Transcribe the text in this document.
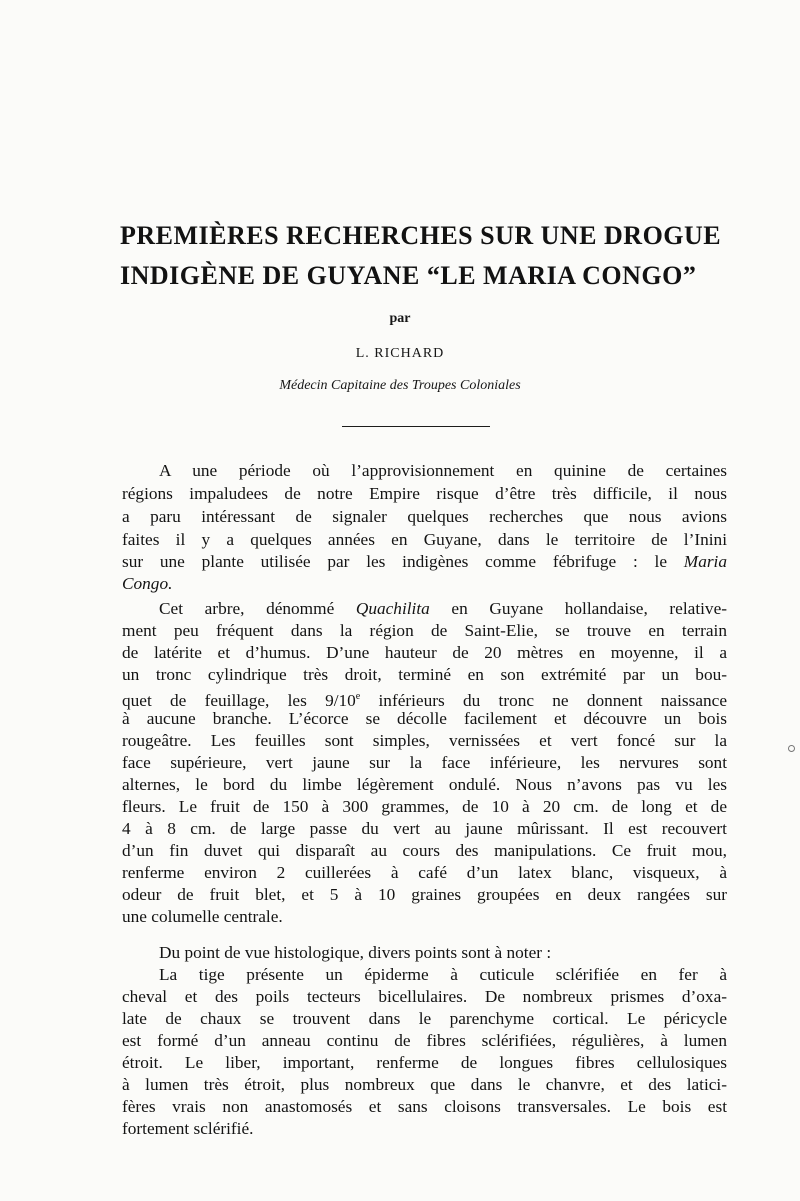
PREMIÈRES RECHERCHES SUR UNE DROGUE
INDIGÈNE DE GUYANE “LE MARIA CONGO”

par

L. RICHARD

Médecin Capitaine des Troupes Coloniales

A une période où l’approvisionnement en quinine de certaines

régions impaludees de notre Empire risque d’être très difficile, il nous

a paru intéressant de signaler quelques recherches que nous avions

faites il y a quelques années en Guyane, dans le territoire de l’Inini

sur une plante utilisée par les indigènes comme fébrifuge : le Maria

Congo.

Cet arbre, dénommé Quachilita en Guyane hollandaise, relative-

ment peu fréquent dans la région de Saint-Elie, se trouve en terrain

de latérite et d’humus. D’une hauteur de 20 mètres en moyenne, il a

un tronc cylindrique très droit, terminé en son extrémité par un bou-

quet de feuillage, les 9/10e inférieurs du tronc ne donnent naissance

à aucune branche. L’écorce se décolle facilement et découvre un bois

rougeâtre. Les feuilles sont simples, vernissées et vert foncé sur la

face supérieure, vert jaune sur la face inférieure, les nervures sont

alternes, le bord du limbe légèrement ondulé. Nous n’avons pas vu les

fleurs. Le fruit de 150 à 300 grammes, de 10 à 20 cm. de long et de

4 à 8 cm. de large passe du vert au jaune mûrissant. Il est recouvert

d’un fin duvet qui disparaît au cours des manipulations. Ce fruit mou,

renferme environ 2 cuillerées à café d’un latex blanc, visqueux, à

odeur de fruit blet, et 5 à 10 graines groupées en deux rangées sur

une columelle centrale.

Du point de vue histologique, divers points sont à noter :

La tige présente un épiderme à cuticule sclérifiée en fer à

cheval et des poils tecteurs bicellulaires. De nombreux prismes d’oxa-

late de chaux se trouvent dans le parenchyme cortical. Le péricycle

est formé d’un anneau continu de fibres sclérifiées, régulières, à lumen

étroit. Le liber, important, renferme de longues fibres cellulosiques

à lumen très étroit, plus nombreux que dans le chanvre, et des latici-

fères vrais non anastomosés et sans cloisons transversales. Le bois est

fortement sclérifié.
